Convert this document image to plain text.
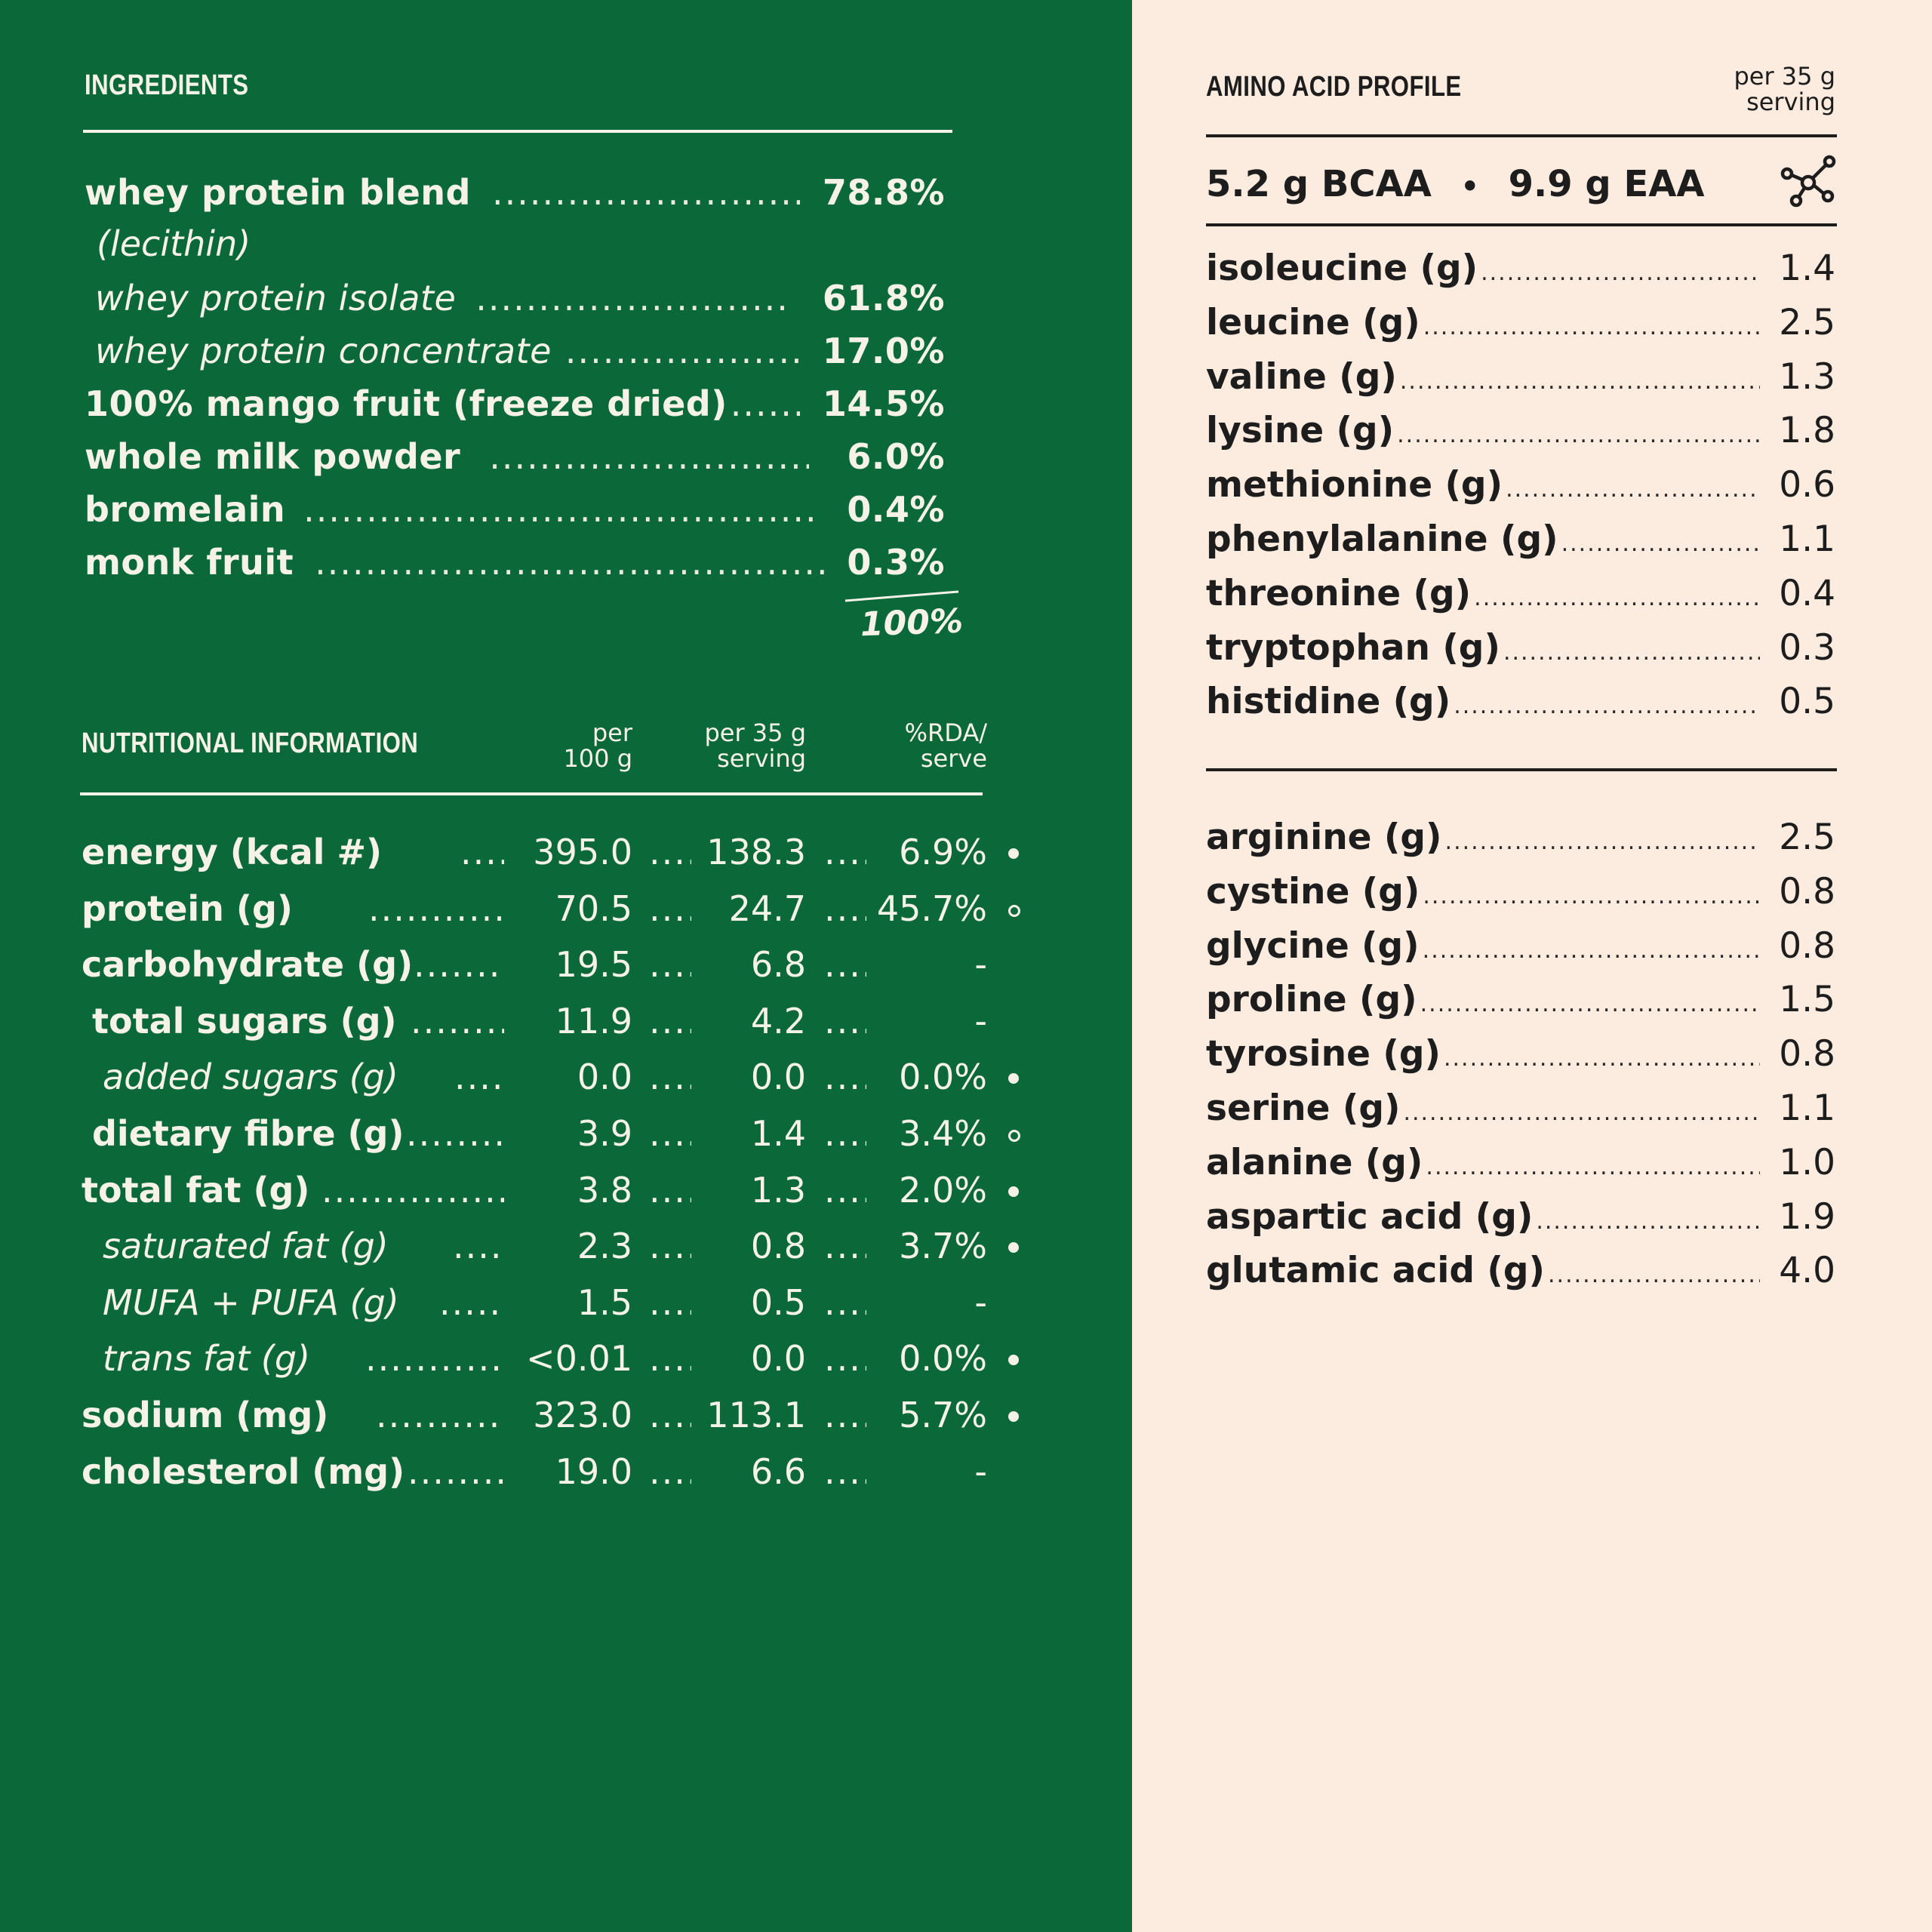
INGREDIENTS
whey protein blend .....	78.8%
(lecithin)
whey protein isolate .....	61.8%
whey protein concentrate .....	17.0%
100% mango fruit (freeze dried) .....	14.5%
whole milk powder .....	6.0%
bromelain .....	0.4%
monk fruit .....	0.3%
100%
NUTRITIONAL INFORMATION	per
100 g
per 35 g
serving
%RDA/
serve
energy (kcal #) .....	395.0 .....	138.3 .....	6.9%
protein (g) .....	70.5 .....	24.7 .....	45.7%
carbohydrate (g) .....	19.5 .....	6.8 .....	-
total sugars (g) .....	11.9 .....	4.2 .....	-
added sugars (g) .....	0.0 .....	0.0 .....	0.0%
dietary fibre (g) .....	3.9 .....	1.4 .....	3.4%
total fat (g) .....	3.8 .....	1.3 .....	2.0%
saturated fat (g) .....	2.3 .....	0.8 .....	3.7%
MUFA + PUFA (g) .....	1.5 .....	0.5 .....	-
trans fat (g) .....	<0.01 .....	0.0 .....	0.0%
sodium (mg) .....	323.0 .....	113.1 .....	5.7%
cholesterol (mg) .....	19.0 .....	6.6 .....	-
AMINO ACID PROFILE	per 35 g
serving
5.2 g BCAA • 9.9 g EAA
isoleucine (g) .....	1.4
leucine (g) .....	2.5
valine (g) .....	1.3
lysine (g) .....	1.8
methionine (g) .....	0.6
phenylalanine (g) .....	1.1
threonine (g) .....	0.4
tryptophan (g) .....	0.3
histidine (g) .....	0.5
arginine (g) .....	2.5
cystine (g) .....	0.8
glycine (g) .....	0.8
proline (g) .....	1.5
tyrosine (g) .....	0.8
serine (g) .....	1.1
alanine (g) .....	1.0
aspartic acid (g) .....	1.9
glutamic acid (g) .....	4.0
